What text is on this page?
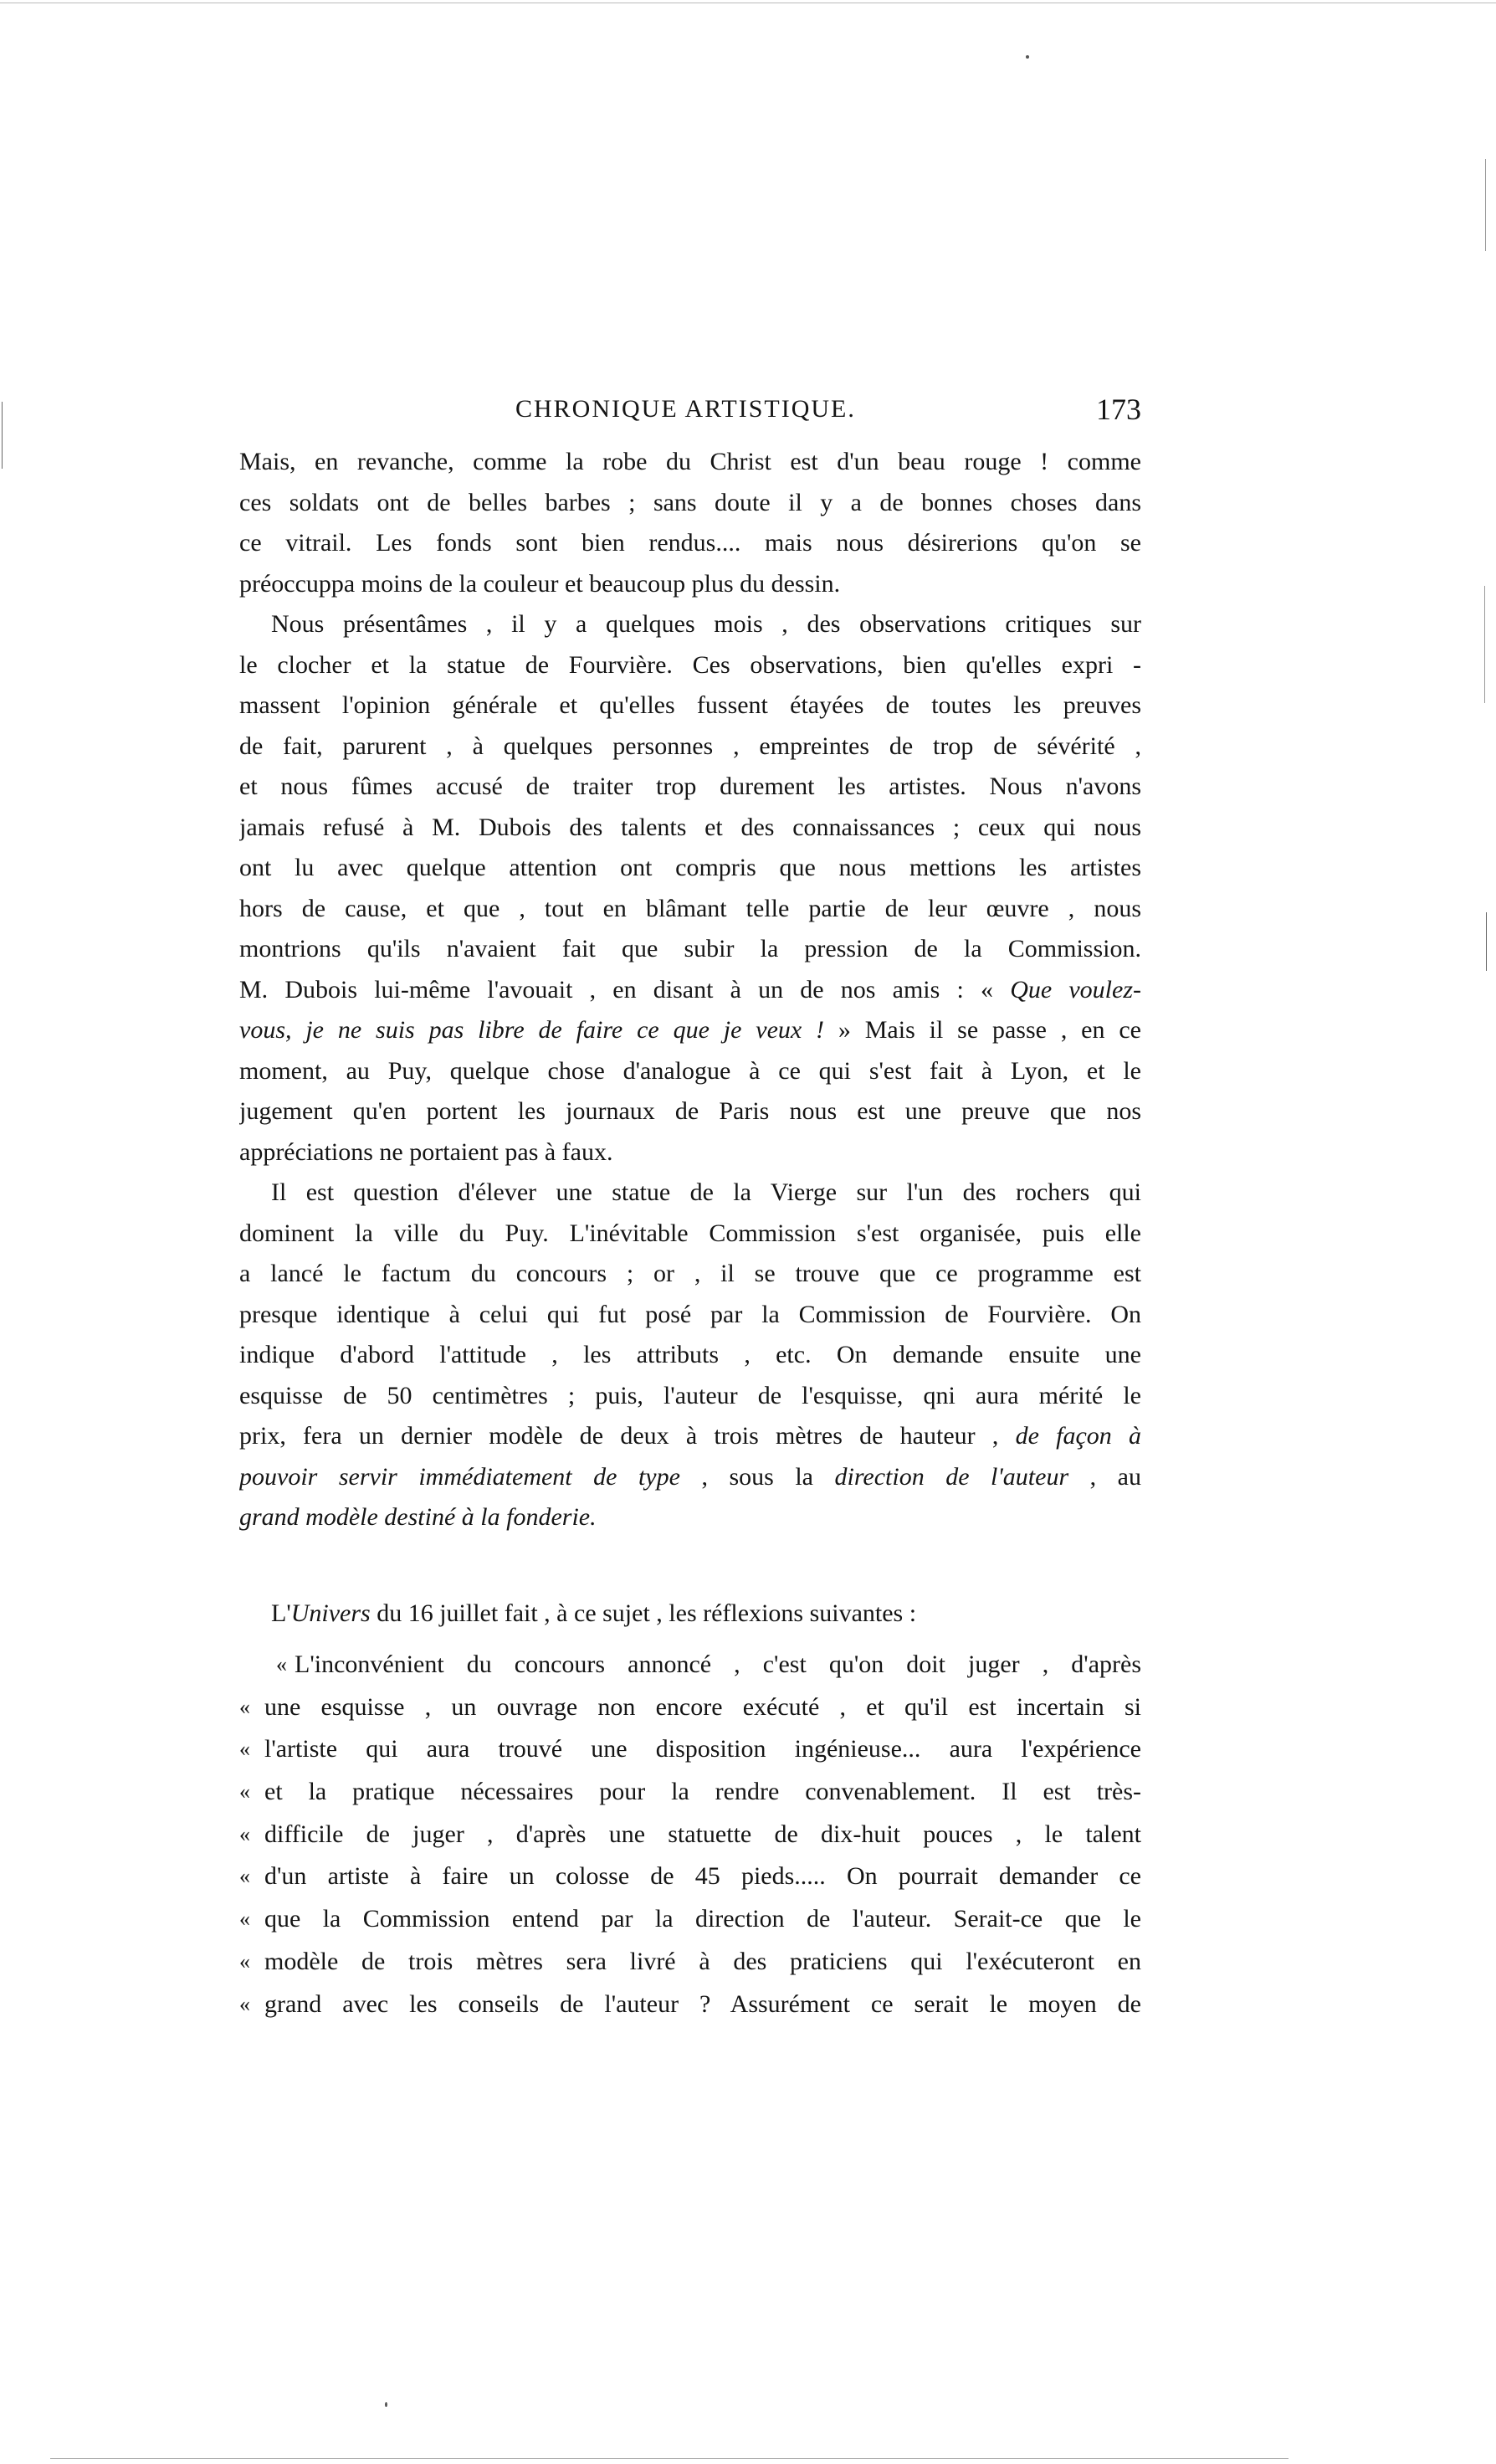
CHRONIQUE ARTISTIQUE.	173
Mais, en revanche, comme la robe du Christ est d'un beau rouge ! comme
ces soldats ont de belles barbes ; sans doute il y a de bonnes choses dans
ce vitrail. Les fonds sont bien rendus.... mais nous désirerions qu'on se
préoccuppa moins de la couleur et beaucoup plus du dessin.
Nous présentâmes , il y a quelques mois , des observations critiques sur
le clocher et la statue de Fourvière. Ces observations, bien qu'elles expri -
massent l'opinion générale et qu'elles fussent étayées de toutes les preuves
de fait, parurent , à quelques personnes , empreintes de trop de sévérité ,
et nous fûmes accusé de traiter trop durement les artistes. Nous n'avons
jamais refusé à M. Dubois des talents et des connaissances ; ceux qui nous
ont lu avec quelque attention ont compris que nous mettions les artistes
hors de cause, et que , tout en blâmant telle partie de leur œuvre , nous
montrions qu'ils n'avaient fait que subir la pression de la Commission.
M. Dubois lui-même l'avouait , en disant à un de nos amis : « Que voulez-
vous, je ne suis pas libre de faire ce que je veux ! » Mais il se passe , en ce
moment, au Puy, quelque chose d'analogue à ce qui s'est fait à Lyon, et le
jugement qu'en portent les journaux de Paris nous est une preuve que nos
appréciations ne portaient pas à faux.
Il est question d'élever une statue de la Vierge sur l'un des rochers qui
dominent la ville du Puy. L'inévitable Commission s'est organisée, puis elle
a lancé le factum du concours ; or , il se trouve que ce programme est
presque identique à celui qui fut posé par la Commission de Fourvière. On
indique d'abord l'attitude , les attributs , etc. On demande ensuite une
esquisse de 50 centimètres ; puis, l'auteur de l'esquisse, qni aura mérité le
prix, fera un dernier modèle de deux à trois mètres de hauteur , de façon à
pouvoir servir immédiatement de type , sous la direction de l'auteur , au
grand modèle destiné à la fonderie.
L'Univers du 16 juillet fait , à ce sujet , les réflexions suivantes :
« L'inconvénient du concours annoncé , c'est qu'on doit juger , d'après
« une esquisse , un ouvrage non encore exécuté , et qu'il est incertain si
« l'artiste qui aura trouvé une disposition ingénieuse... aura l'expérience
« et la pratique nécessaires pour la rendre convenablement. Il est très-
« difficile de juger , d'après une statuette de dix-huit pouces , le talent
« d'un artiste à faire un colosse de 45 pieds..... On pourrait demander ce
« que la Commission entend par la direction de l'auteur. Serait-ce que le
« modèle de trois mètres sera livré à des praticiens qui l'exécuteront en
« grand avec les conseils de l'auteur ? Assurément ce serait le moyen de
